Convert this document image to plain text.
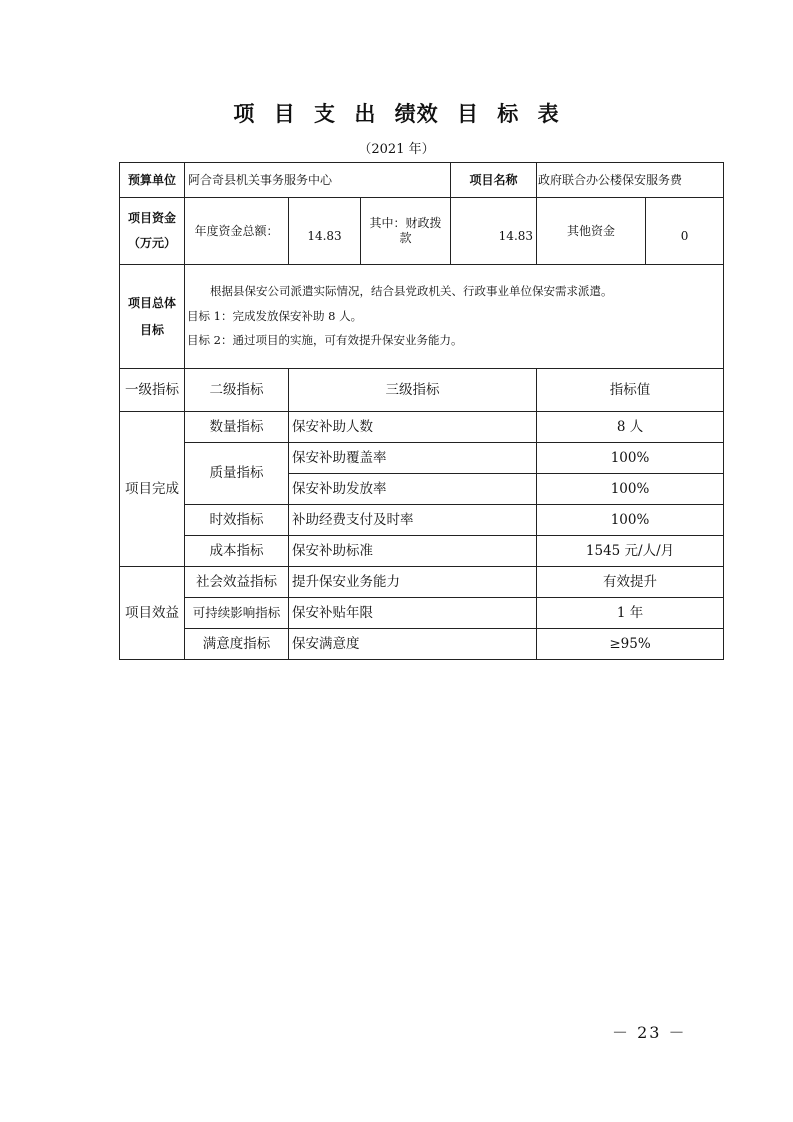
项 目 支 出 绩效 目 标 表
（2021 年）
预算单位	阿合奇县机关事务服务中心			项目名称	政府联合办公楼保安服务费	

项目资金
（万元）	年度资金总额：	14.83	其中：财政拨款	14.83	其他资金	0
项目总体目标	根据县保安公司派遣实际情况，结合县党政机关、行政事业单位保安需求派遣。

目标 1：完成发放保安补助 8 人。

目标 2：通过项目的实施，可有效提升保安业务能力。					

一级指标	二级指标	三级指标			指标值	
项目完成	数量指标	保安补助人数			8 人	
	质量指标	保安补助覆盖率			100%	
		保安补助发放率			100%	
	时效指标	补助经费支付及时率			100%	
	成本指标	保安补助标准			1545 元/人/月	
项目效益	社会效益指标	提升保安业务能力			有效提升	
	可持续影响指标	保安补贴年限			1 年	
	满意度指标	保安满意度			≥95%	
－ 23 －
